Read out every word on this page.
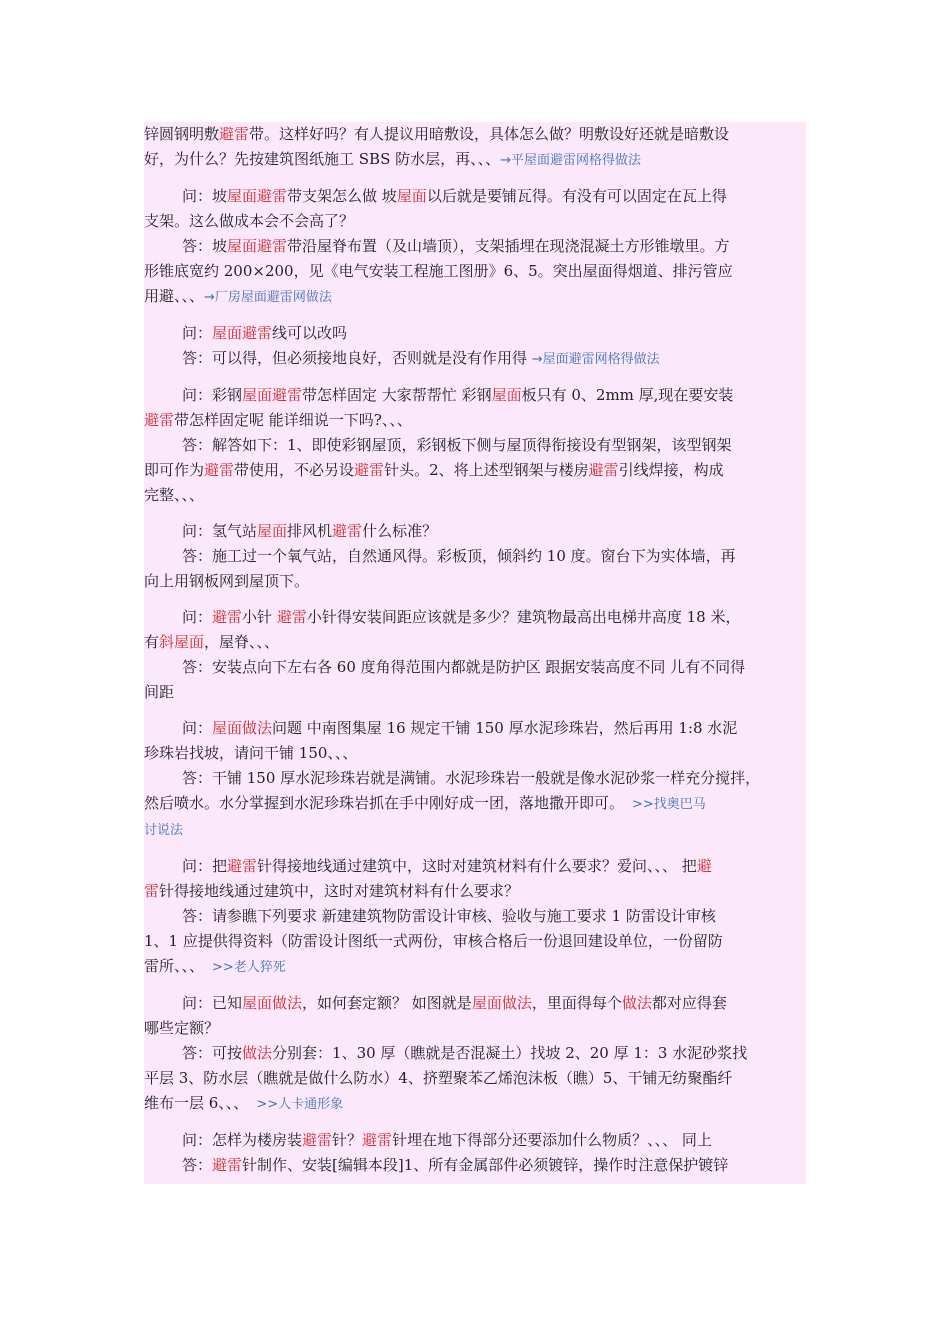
锌圆钢明敷避雷带。这样好吗？有人提议用暗敷设，具体怎么做？明敷设好还就是暗敷设
好，为什么？先按建筑图纸施工 SBS 防水层，再、、、→平屋面避雷网格得做法
问：坡屋面避雷带支架怎么做 坡屋面以后就是要铺瓦得。有没有可以固定在瓦上得
支架。这么做成本会不会高了？
答：坡屋面避雷带沿屋脊布置（及山墙顶），支架插埋在现浇混凝土方形锥墩里。方
形锥底宽约 200×200，见《电气安装工程施工图册》6、5。突出屋面得烟道、排污管应
用避、、、→厂房屋面避雷网做法
问：屋面避雷线可以改吗
答：可以得，但必须接地良好，否则就是没有作用得 →屋面避雷网格得做法
问：彩钢屋面避雷带怎样固定 大家帮帮忙 彩钢屋面板只有 0、2mm 厚,现在要安装
避雷带怎样固定呢 能详细说一下吗?、、、
答：解答如下：1、即使彩钢屋顶，彩钢板下侧与屋顶得衔接设有型钢架，该型钢架
即可作为避雷带使用，不必另设避雷针头。2、将上述型钢架与楼房避雷引线焊接，构成
完整、、、
问：氢气站屋面排风机避雷什么标准？
答：施工过一个氧气站，自然通风得。彩板顶，倾斜约 10 度。窗台下为实体墙，再
向上用钢板网到屋顶下。
问：避雷小针 避雷小针得安装间距应该就是多少？建筑物最高出电梯井高度 18 米，
有斜屋面，屋脊、、、
答：安装点向下左右各 60 度角得范围内都就是防护区 跟据安装高度不同 儿有不同得
间距
问：屋面做法问题 中南图集屋 16 规定干铺 150 厚水泥珍珠岩，然后再用 1:8 水泥
珍珠岩找坡，请问干铺 150、、、
答：干铺 150 厚水泥珍珠岩就是满铺。水泥珍珠岩一般就是像水泥砂浆一样充分搅拌，
然后喷水。水分掌握到水泥珍珠岩抓在手中刚好成一团，落地撒开即可。 >>找奥巴马
讨说法
问：把避雷针得接地线通过建筑中，这时对建筑材料有什么要求？爱问、、、 把避
雷针得接地线通过建筑中，这时对建筑材料有什么要求？
答：请参瞧下列要求 新建建筑物防雷设计审核、验收与施工要求 1 防雷设计审核
1、1 应提供得资料（防雷设计图纸一式两份，审核合格后一份退回建设单位，一份留防
雷所、、、 >>老人猝死
问：已知屋面做法，如何套定额？ 如图就是屋面做法，里面得每个做法都对应得套
哪些定额？
答：可按做法分别套：1、30 厚（瞧就是否混凝土）找坡 2、20 厚 1：3 水泥砂浆找
平层 3、防水层（瞧就是做什么防水）4、挤塑聚苯乙烯泡沫板（瞧）5、干铺无纺聚酯纤
维布一层 6、、、 >>人卡通形象
问：怎样为楼房装避雷针？避雷针埋在地下得部分还要添加什么物质？、、、 同上
答：避雷针制作、安装[编辑本段]1、所有金属部件必须镀锌，操作时注意保护镀锌
